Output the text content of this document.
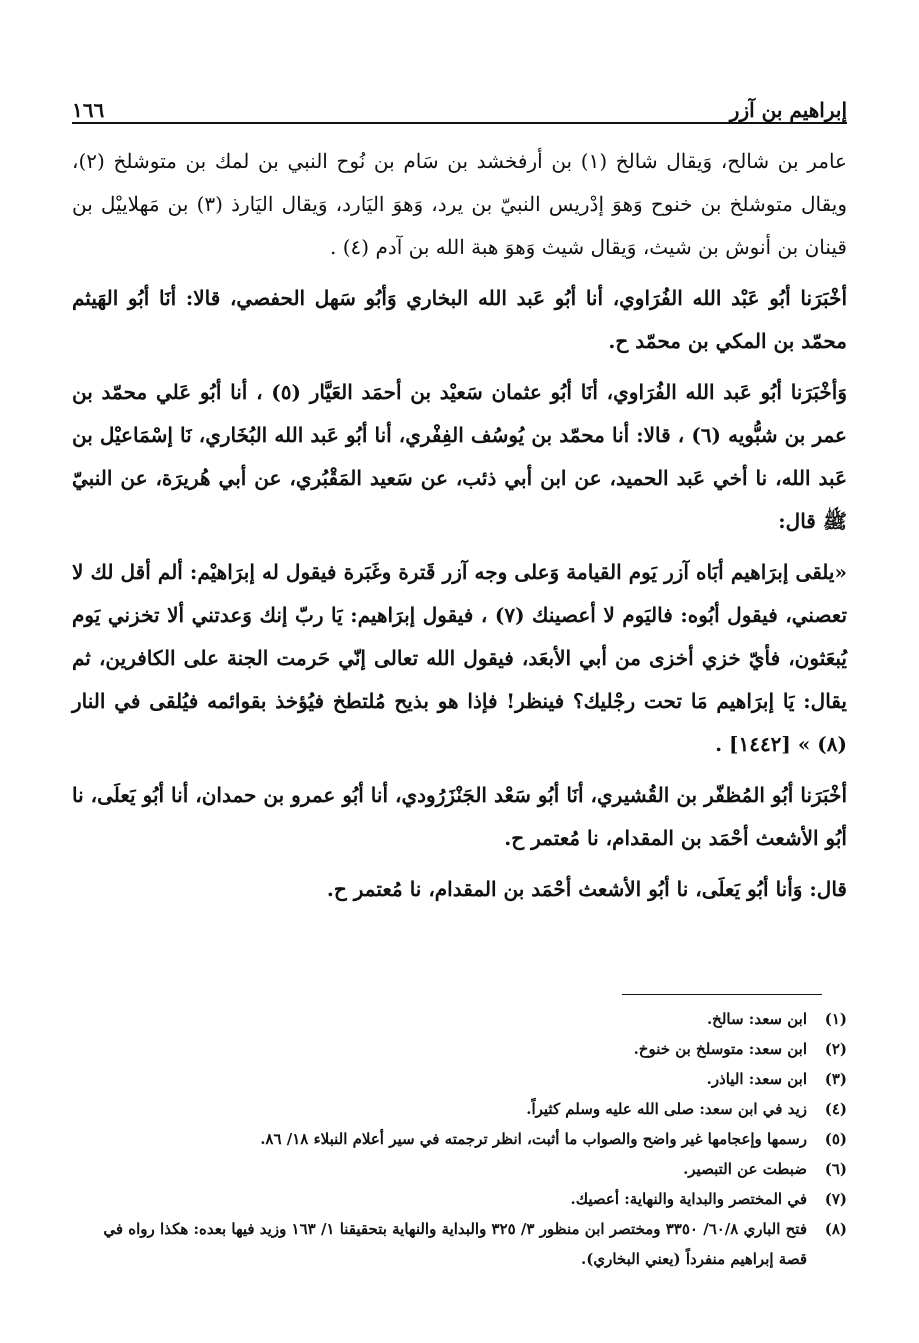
إبراهيم بن آزر
١٦٦

عامر بن شالح، وَيقال شالخ (١) بن أرفخشد بن سَام بن نُوح النبي بن لمك بن متوشلخ (٢)، ويقال متوشلخ بن خنوح وَهوَ إدْريس النبيّ بن يرد، وَهوَ اليَارد، وَيقال اليَارذ (٣) بن مَهلاييْل بن قينان بن أنوش بن شيث، وَيقال شيث وَهوَ هبة الله بن آدم (٤) .

أخْبَرَنا أبُو عَبْد الله الفُرَاوي، أنا أبُو عَبد الله البخاري وَأبُو سَهل الحفصي، قالا: أنَا أبُو الهَيثم محمّد بن المكي بن محمّد ح.

وَأخْبَرَنا أبُو عَبد الله الفُرَاوي، أنَا أبُو عثمان سَعيْد بن أحمَد العَيَّار (٥) ، أنا أبُو عَلي محمّد بن عمر بن شبُّويه (٦) ، قالا: أنا محمّد بن يُوسُف الفِفْري، أنا أبُو عَبد الله البُخَاري، نَا إسْمَاعيْل بن عَبد الله، نا أخي عَبد الحميد، عن ابن أبي ذئب، عن سَعيد المَقْبُري، عن أبي هُريرَة، عن النبيّ ﷺ قال:

«يلقى إبرَاهيم أبَاه آزر يَوم القيامة وَعلى وجه آزر قَترة وغَبَرة فيقول له إبرَاهيْم: ألم أقل لك لا تعصني، فيقول أبُوه: فاليَوم لا أعصينك (٧) ، فيقول إبرَاهيم: يَا ربّ إنك وَعدتني ألا تخزني يَوم يُبعَثون، فأيّ خزي أخزى من أبي الأبعَد، فيقول الله تعالى إنّي حَرمت الجنة على الكافرين، ثم يقال: يَا إبرَاهيم مَا تحت رجْليك؟ فينظر! فإذا هو بذيح مُلتطخ فيُؤخذ بقوائمه فيُلقى في النار (٨) » [١٤٤٢] .

أخْبَرَنا أبُو المُظفّر بن القُشيري، أنَا أبُو سَعْد الجَنْزَرُودي، أنا أبُو عمرو بن حمدان، أنا أبُو يَعلَى، نا أبُو الأشعث أحْمَد بن المقدام، نا مُعتمر ح.

قال: وَأنا أبُو يَعلَى، نا أبُو الأشعث أحْمَد بن المقدام، نا مُعتمر ح.

(١)
ابن سعد: سالخ.
(٢)
ابن سعد: متوسلخ بن خنوخ.
(٣)
ابن سعد: الياذر.
(٤)
زيد في ابن سعد: صلى الله عليه وسلم كثيراً.
(٥)
رسمها وإعجامها غير واضح والصواب ما أثبت، انظر ترجمته في سير أعلام النبلاء ١٨/ ٨٦.
(٦)
ضبطت عن التبصير.
(٧)
في المختصر والبداية والنهاية: أعصيك.
(٨)
فتح الباري ٦٠/٨/ ٣٣٥٠ ومختصر ابن منظور ٣/ ٣٢٥ والبداية والنهاية بتحقيقنا ١/ ١٦٣ وزيد فيها بعده: هكذا رواه في قصة إبراهيم منفرداً (يعني البخاري).
